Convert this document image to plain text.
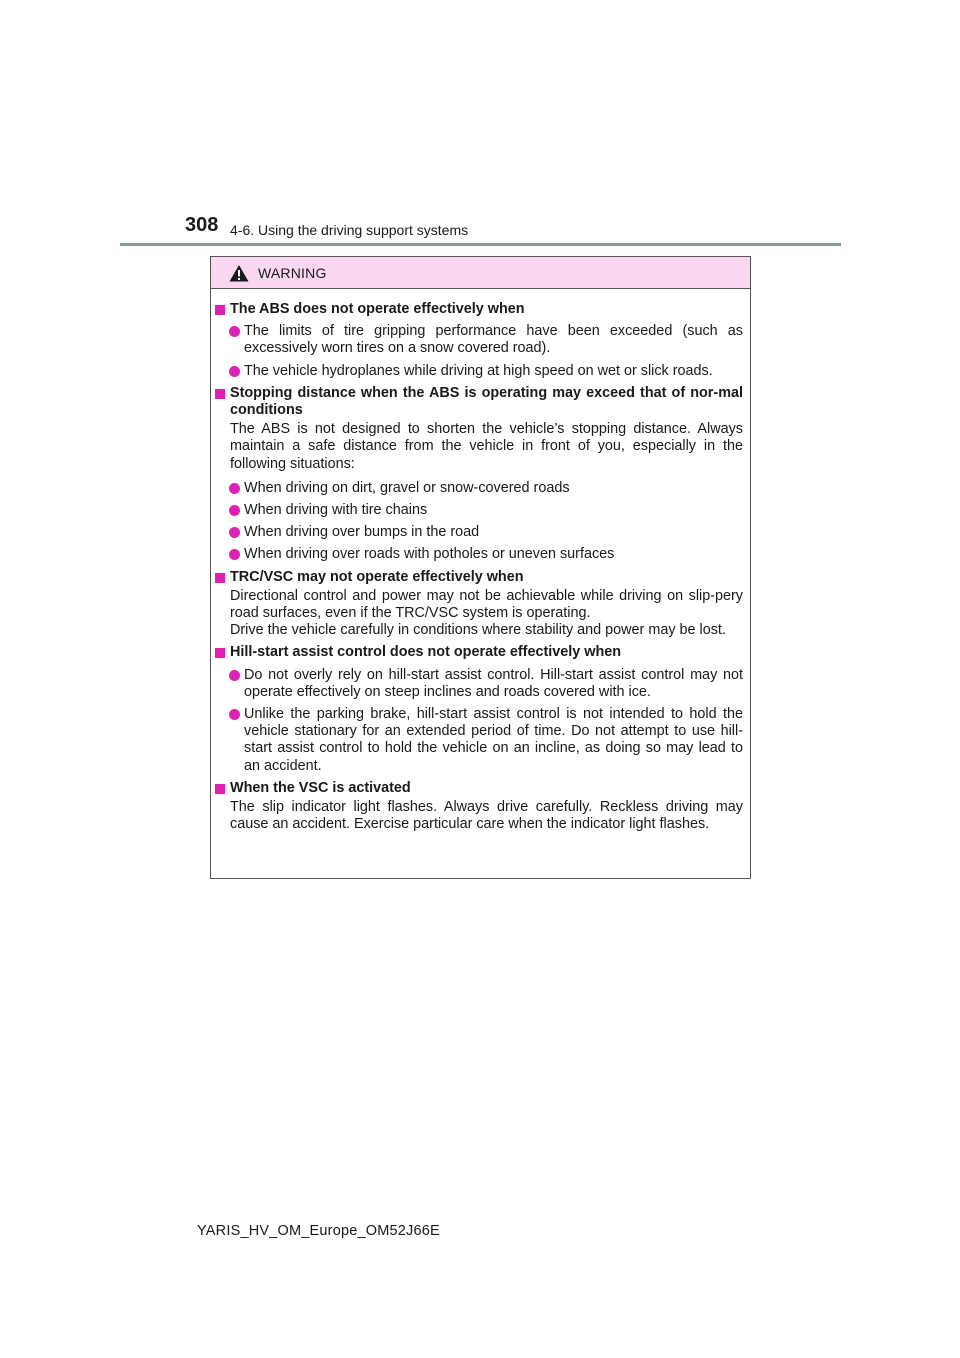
308 4-6. Using the driving support systems
WARNING
The ABS does not operate effectively when
The limits of tire gripping performance have been exceeded (such as excessively worn tires on a snow covered road).
The vehicle hydroplanes while driving at high speed on wet or slick roads.
Stopping distance when the ABS is operating may exceed that of nor-mal conditions
The ABS is not designed to shorten the vehicle’s stopping distance. Always maintain a safe distance from the vehicle in front of you, especially in the following situations:
When driving on dirt, gravel or snow-covered roads
When driving with tire chains
When driving over bumps in the road
When driving over roads with potholes or uneven surfaces
TRC/VSC may not operate effectively when
Directional control and power may not be achievable while driving on slip-pery road surfaces, even if the TRC/VSC system is operating.
Drive the vehicle carefully in conditions where stability and power may be lost.
Hill-start assist control does not operate effectively when
Do not overly rely on hill-start assist control. Hill-start assist control may not operate effectively on steep inclines and roads covered with ice.
Unlike the parking brake, hill-start assist control is not intended to hold the vehicle stationary for an extended period of time. Do not attempt to use hill-start assist control to hold the vehicle on an incline, as doing so may lead to an accident.
When the VSC is activated
The slip indicator light flashes. Always drive carefully. Reckless driving may cause an accident. Exercise particular care when the indicator light flashes.
YARIS_HV_OM_Europe_OM52J66E
